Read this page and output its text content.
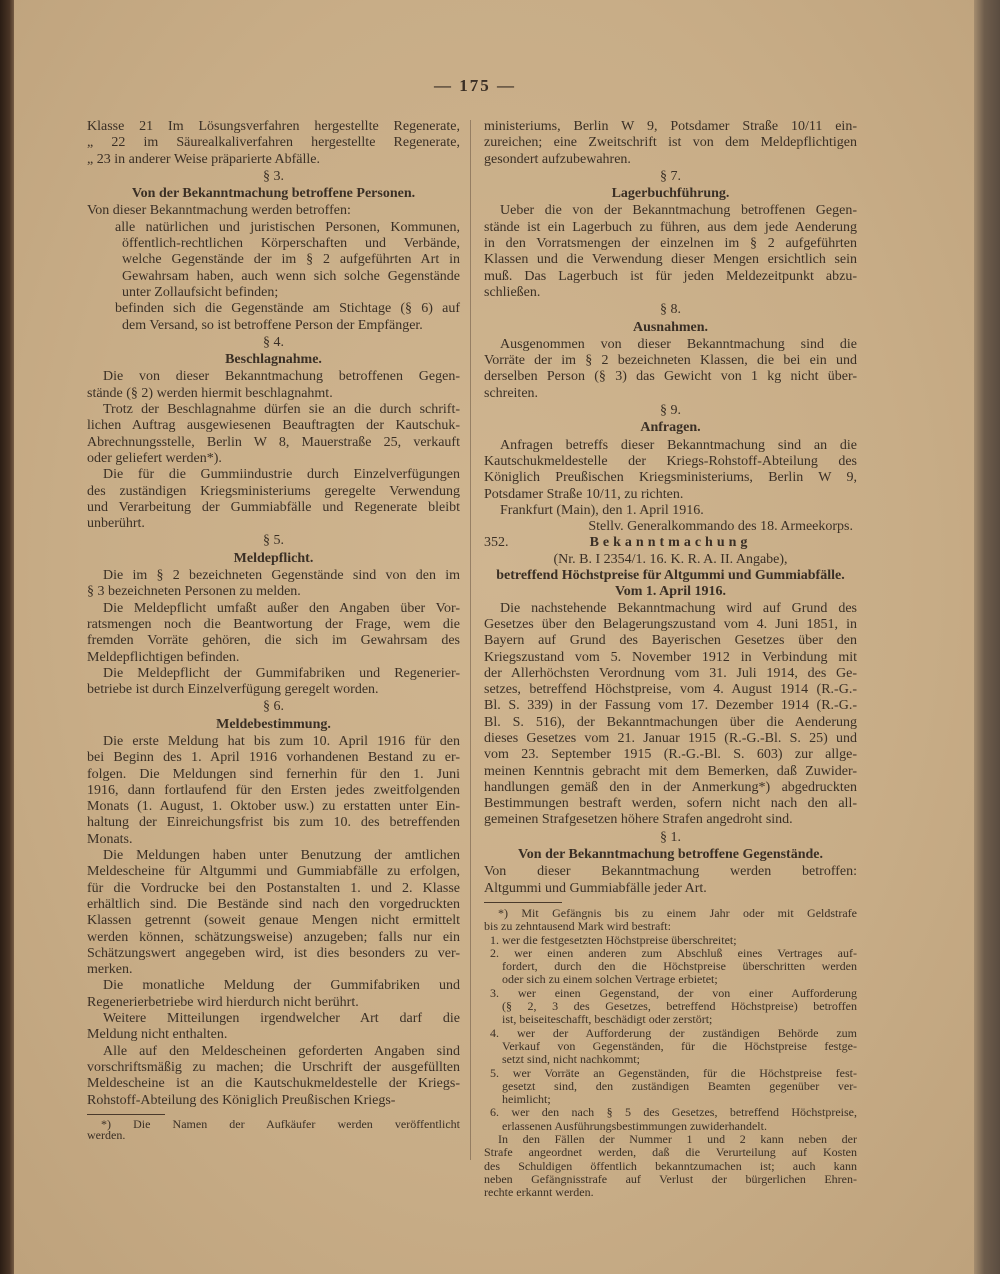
— 175 —
Klasse 21 Im Lösungsverfahren hergestellte Regenerate,
„ 22 im Säurealkaliverfahren hergestellte Regenerate,
„ 23 in anderer Weise präparierte Abfälle.
§ 3.
Von der Bekanntmachung betroffene Personen.
Von dieser Bekanntmachung werden betroffen:
alle natürlichen und juristischen Personen, Kommunen,
öffentlich-rechtlichen Körperschaften und Verbände,
welche Gegenstände der im § 2 aufgeführten Art in
Gewahrsam haben, auch wenn sich solche Gegenstände
unter Zollaufsicht befinden;
befinden sich die Gegenstände am Stichtage (§ 6) auf
dem Versand, so ist betroffene Person der Empfänger.
§ 4.
Beschlagnahme.
Die von dieser Bekanntmachung betroffenen Gegen-
stände (§ 2) werden hiermit beschlagnahmt.
Trotz der Beschlagnahme dürfen sie an die durch schrift-
lichen Auftrag ausgewiesenen Beauftragten der Kautschuk-
Abrechnungsstelle, Berlin W 8, Mauerstraße 25, verkauft
oder geliefert werden*).
Die für die Gummiindustrie durch Einzelverfügungen
des zuständigen Kriegsministeriums geregelte Verwendung
und Verarbeitung der Gummiabfälle und Regenerate bleibt
unberührt.
§ 5.
Meldepflicht.
Die im § 2 bezeichneten Gegenstände sind von den im
§ 3 bezeichneten Personen zu melden.
Die Meldepflicht umfaßt außer den Angaben über Vor-
ratsmengen noch die Beantwortung der Frage, wem die
fremden Vorräte gehören, die sich im Gewahrsam des
Meldepflichtigen befinden.
Die Meldepflicht der Gummifabriken und Regenerier-
betriebe ist durch Einzelverfügung geregelt worden.
§ 6.
Meldebestimmung.
Die erste Meldung hat bis zum 10. April 1916 für den
bei Beginn des 1. April 1916 vorhandenen Bestand zu er-
folgen. Die Meldungen sind fernerhin für den 1. Juni
1916, dann fortlaufend für den Ersten jedes zweitfolgenden
Monats (1. August, 1. Oktober usw.) zu erstatten unter Ein-
haltung der Einreichungsfrist bis zum 10. des betreffenden
Monats.
Die Meldungen haben unter Benutzung der amtlichen
Meldescheine für Altgummi und Gummiabfälle zu erfolgen,
für die Vordrucke bei den Postanstalten 1. und 2. Klasse
erhältlich sind. Die Bestände sind nach den vorgedruckten
Klassen getrennt (soweit genaue Mengen nicht ermittelt
werden können, schätzungsweise) anzugeben; falls nur ein
Schätzungswert angegeben wird, ist dies besonders zu ver-
merken.
Die monatliche Meldung der Gummifabriken und
Regenerierbetriebe wird hierdurch nicht berührt.
Weitere Mitteilungen irgendwelcher Art darf die
Meldung nicht enthalten.
Alle auf den Meldescheinen geforderten Angaben sind
vorschriftsmäßig zu machen; die Urschrift der ausgefüllten
Meldescheine ist an die Kautschukmeldestelle der Kriegs-
Rohstoff-Abteilung des Königlich Preußischen Kriegs-
*) Die Namen der Aufkäufer werden veröffentlicht
werden.
ministeriums, Berlin W 9, Potsdamer Straße 10/11 ein-
zureichen; eine Zweitschrift ist von dem Meldepflichtigen
gesondert aufzubewahren.
§ 7.
Lagerbuchführung.
Ueber die von der Bekanntmachung betroffenen Gegen-
stände ist ein Lagerbuch zu führen, aus dem jede Aenderung
in den Vorratsmengen der einzelnen im § 2 aufgeführten
Klassen und die Verwendung dieser Mengen ersichtlich sein
muß. Das Lagerbuch ist für jeden Meldezeitpunkt abzu-
schließen.
§ 8.
Ausnahmen.
Ausgenommen von dieser Bekanntmachung sind die
Vorräte der im § 2 bezeichneten Klassen, die bei ein und
derselben Person (§ 3) das Gewicht von 1 kg nicht über-
schreiten.
§ 9.
Anfragen.
Anfragen betreffs dieser Bekanntmachung sind an die
Kautschukmeldestelle der Kriegs-Rohstoff-Abteilung des
Königlich Preußischen Kriegsministeriums, Berlin W 9,
Potsdamer Straße 10/11, zu richten.
Frankfurt (Main), den 1. April 1916.
Stellv. Generalkommando des 18. Armeekorps.
352.	Bekanntmachung
(Nr. B. I 2354/1. 16. K. R. A. II. Angabe),
betreffend Höchstpreise für Altgummi und Gummiabfälle.
Vom 1. April 1916.
Die nachstehende Bekanntmachung wird auf Grund des
Gesetzes über den Belagerungszustand vom 4. Juni 1851, in
Bayern auf Grund des Bayerischen Gesetzes über den
Kriegszustand vom 5. November 1912 in Verbindung mit
der Allerhöchsten Verordnung vom 31. Juli 1914, des Ge-
setzes, betreffend Höchstpreise, vom 4. August 1914 (R.-G.-
Bl. S. 339) in der Fassung vom 17. Dezember 1914 (R.-G.-
Bl. S. 516), der Bekanntmachungen über die Aenderung
dieses Gesetzes vom 21. Januar 1915 (R.-G.-Bl. S. 25) und
vom 23. September 1915 (R.-G.-Bl. S. 603) zur allge-
meinen Kenntnis gebracht mit dem Bemerken, daß Zuwider-
handlungen gemäß den in der Anmerkung*) abgedruckten
Bestimmungen bestraft werden, sofern nicht nach den all-
gemeinen Strafgesetzen höhere Strafen angedroht sind.
§ 1.
Von der Bekanntmachung betroffene Gegenstände.
Von dieser Bekanntmachung werden betroffen:
Altgummi und Gummiabfälle jeder Art.
*) Mit Gefängnis bis zu einem Jahr oder mit Geldstrafe
bis zu zehntausend Mark wird bestraft:
1. wer die festgesetzten Höchstpreise überschreitet;
2. wer einen anderen zum Abschluß eines Vertrages auf-
fordert, durch den die Höchstpreise überschritten werden
oder sich zu einem solchen Vertrage erbietet;
3. wer einen Gegenstand, der von einer Aufforderung
(§ 2, 3 des Gesetzes, betreffend Höchstpreise) betroffen
ist, beiseiteschafft, beschädigt oder zerstört;
4. wer der Aufforderung der zuständigen Behörde zum
Verkauf von Gegenständen, für die Höchstpreise festge-
setzt sind, nicht nachkommt;
5. wer Vorräte an Gegenständen, für die Höchstpreise fest-
gesetzt sind, den zuständigen Beamten gegenüber ver-
heimlicht;
6. wer den nach § 5 des Gesetzes, betreffend Höchstpreise,
erlassenen Ausführungsbestimmungen zuwiderhandelt.
In den Fällen der Nummer 1 und 2 kann neben der
Strafe angeordnet werden, daß die Verurteilung auf Kosten
des Schuldigen öffentlich bekanntzumachen ist; auch kann
neben Gefängnisstrafe auf Verlust der bürgerlichen Ehren-
rechte erkannt werden.
